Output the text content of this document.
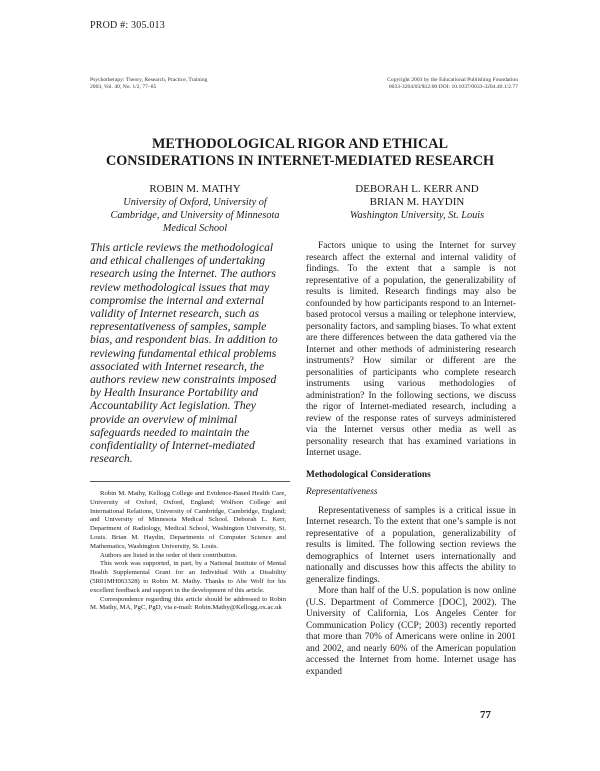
PROD #: 305.013
Psychotherapy: Theory, Research, Practice, Training
2003, Vol. 40, No. 1/2, 77–85
Copyright 2003 by the Educational Publishing Foundation
0033-3204/03/$12.00 DOI: 10.1037/0033-3204.40.1/2.77
METHODOLOGICAL RIGOR AND ETHICAL
CONSIDERATIONS IN INTERNET-MEDIATED RESEARCH
ROBIN M. MATHY
University of Oxford, University of
Cambridge, and University of Minnesota
Medical School
DEBORAH L. KERR AND
BRIAN M. HAYDIN
Washington University, St. Louis
This article reviews the methodological and ethical challenges of undertaking research using the Internet. The authors review methodological issues that may compromise the internal and external validity of Internet research, such as representativeness of samples, sample bias, and respondent bias. In addition to reviewing fundamental ethical problems associated with Internet research, the authors review new constraints imposed by Health Insurance Portability and Accountability Act legislation. They provide an overview of minimal safeguards needed to maintain the confidentiality of Internet-mediated research.

Robin M. Mathy, Kellogg College and Evidence-Based Health Care, University of Oxford, Oxford, England; Wolfson College and International Relations, University of Cambridge, Cambridge, England; and University of Minnesota Medical School. Deborah L. Kerr, Department of Radiology, Medical School, Washington University, St. Louis. Brian M. Haydin, Departments of Computer Science and Mathematics, Washington University, St. Louis.

Authors are listed in the order of their contribution.

This work was supported, in part, by a National Institute of Mental Health Supplemental Grant for an Individual With a Disability (5R01MH063328) to Robin M. Mathy. Thanks to Abe Wolf for his excellent feedback and support in the development of this article.

Correspondence regarding this article should be addressed to Robin M. Mathy, MA, PgC, PgD, via e-mail: Robin.Mathy@Kellogg.ox.ac.uk

Factors unique to using the Internet for survey research affect the external and internal validity of findings. To the extent that a sample is not representative of a population, the generalizability of results is limited. Research findings may also be confounded by how participants respond to an Internet-based protocol versus a mailing or telephone interview, personality factors, and sampling biases. To what extent are there differences between the data gathered via the Internet and other methods of administering research instruments? How similar or different are the personalities of participants who complete research instruments using various methodologies of administration? In the following sections, we discuss the rigor of Internet-mediated research, including a review of the response rates of surveys administered via the Internet versus other media as well as personality research that has examined variations in Internet usage.

Methodological Considerations

Representativeness

Representativeness of samples is a critical issue in Internet research. To the extent that one’s sample is not representative of a population, generalizability of results is limited. The following section reviews the demographics of Internet users internationally and nationally and discusses how this affects the ability to generalize findings.

More than half of the U.S. population is now online (U.S. Department of Commerce [DOC], 2002). The University of California, Los Angeles Center for Communication Policy (CCP; 2003) recently reported that more than 70% of Americans were online in 2001 and 2002, and nearly 60% of the American population accessed the Internet from home. Internet usage has expanded

77
